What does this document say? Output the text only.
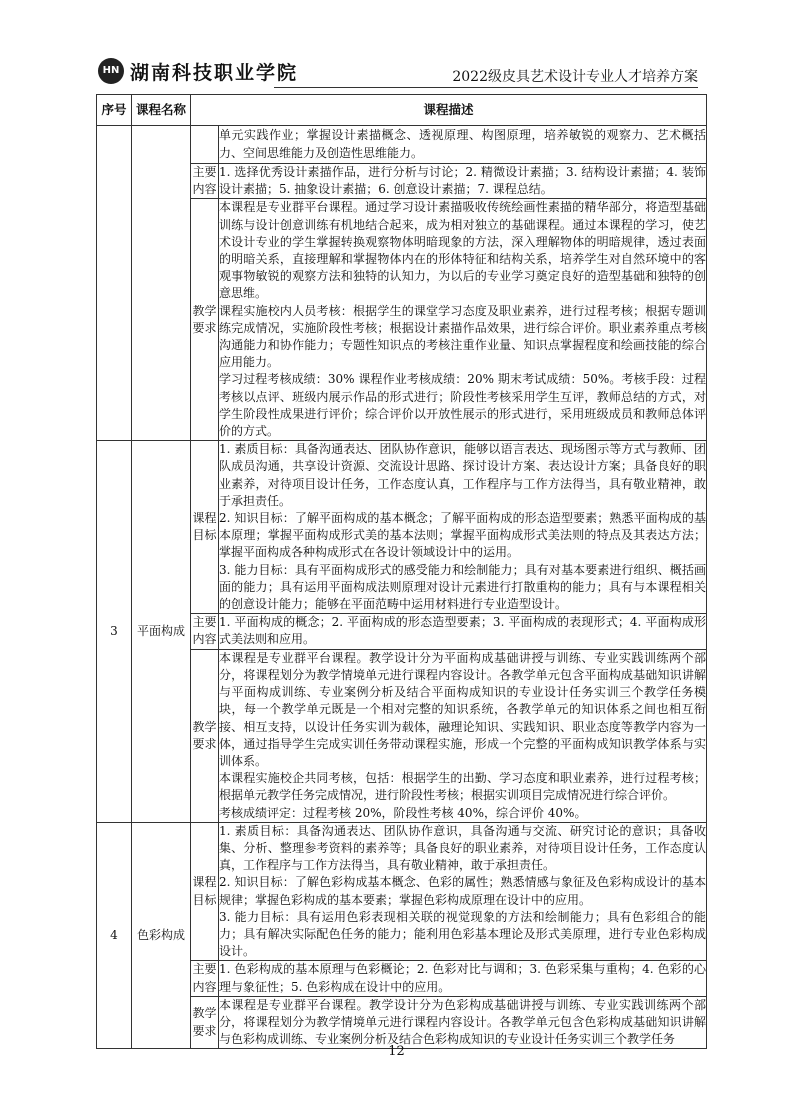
HN 湖南科技职业学院	2022级皮具艺术设计专业人才培养方案
序号	课程名称	课程描述	
			单元实践作业；掌握设计素描概念、透视原理、构图原理，培养敏锐的观察力、艺术概括力、空间思维能力及创造性思维能力。
		主要内容	1. 选择优秀设计素描作品，进行分析与讨论；2. 精微设计素描；3. 结构设计素描；4. 装饰设计素描；5. 抽象设计素描；6. 创意设计素描；7. 课程总结。
		教学要求	本课程是专业群平台课程。通过学习设计素描吸收传统绘画性素描的精华部分，将造型基础训练与设计创意训练有机地结合起来，成为相对独立的基础课程。通过本课程的学习，使艺术设计专业的学生掌握转换观察物体明暗现象的方法，深入理解物体的明暗规律，透过表面的明暗关系，直接理解和掌握物体内在的形体特征和结构关系，培养学生对自然环境中的客观事物敏锐的观察方法和独特的认知力，为以后的专业学习奠定良好的造型基础和独特的创意思维。

课程实施校内人员考核：根据学生的课堂学习态度及职业素养，进行过程考核；根据专题训练完成情况，实施阶段性考核；根据设计素描作品效果，进行综合评价。职业素养重点考核沟通能力和协作能力；专题性知识点的考核注重作业量、知识点掌握程度和绘画技能的综合应用能力。

学习过程考核成绩：30% 课程作业考核成绩：20% 期末考试成绩：50%。考核手段：过程考核以点评、班级内展示作品的形式进行；阶段性考核采用学生互评，教师总结的方式，对学生阶段性成果进行评价；综合评价以开放性展示的形式进行，采用班级成员和教师总体评价的方式。

3	平面构成	课程目标	1. 素质目标：具备沟通表达、团队协作意识，能够以语言表达、现场图示等方式与教师、团队成员沟通，共享设计资源、交流设计思路、探讨设计方案、表达设计方案；具备良好的职业素养，对待项目设计任务，工作态度认真，工作程序与工作方法得当，具有敬业精神，敢于承担责任。

2. 知识目标：了解平面构成的基本概念；了解平面构成的形态造型要素；熟悉平面构成的基本原理；掌握平面构成形式美的基本法则；掌握平面构成形式美法则的特点及其表达方法；掌握平面构成各种构成形式在各设计领域设计中的运用。

3. 能力目标：具有平面构成形式的感受能力和绘制能力；具有对基本要素进行组织、概括画面的能力；具有运用平面构成法则原理对设计元素进行打散重构的能力；具有与本课程相关的创意设计能力；能够在平面范畴中运用材料进行专业造型设计。

		主要内容	1. 平面构成的概念；2. 平面构成的形态造型要素；3. 平面构成的表现形式；4. 平面构成形式美法则和应用。
		教学要求	本课程是专业群平台课程。教学设计分为平面构成基础讲授与训练、专业实践训练两个部分，将课程划分为教学情境单元进行课程内容设计。各教学单元包含平面构成基础知识讲解与平面构成训练、专业案例分析及结合平面构成知识的专业设计任务实训三个教学任务模块，每一个教学单元既是一个相对完整的知识系统，各教学单元的知识体系之间也相互衔接、相互支持，以设计任务实训为载体，融理论知识、实践知识、职业态度等教学内容为一体，通过指导学生完成实训任务带动课程实施，形成一个完整的平面构成知识教学体系与实训体系。

本课程实施校企共同考核，包括：根据学生的出勤、学习态度和职业素养，进行过程考核；根据单元教学任务完成情况，进行阶段性考核；根据实训项目完成情况进行综合评价。

考核成绩评定：过程考核 20%，阶段性考核 40%，综合评价 40%。

4	色彩构成	课程目标	1. 素质目标：具备沟通表达、团队协作意识，具备沟通与交流、研究讨论的意识；具备收集、分析、整理参考资料的素养等；具备良好的职业素养，对待项目设计任务，工作态度认真，工作程序与工作方法得当，具有敬业精神，敢于承担责任。

2. 知识目标：了解色彩构成基本概念、色彩的属性；熟悉情感与象征及色彩构成设计的基本规律；掌握色彩构成的基本要素；掌握色彩构成原理在设计中的应用。

3. 能力目标：具有运用色彩表现相关联的视觉现象的方法和绘制能力；具有色彩组合的能力；具有解决实际配色任务的能力；能利用色彩基本理论及形式美原理，进行专业色彩构成设计。

		主要内容	1. 色彩构成的基本原理与色彩概论；2. 色彩对比与调和；3. 色彩采集与重构；4. 色彩的心理与象征性；5. 色彩构成在设计中的应用。
		教学要求	本课程是专业群平台课程。教学设计分为色彩构成基础讲授与训练、专业实践训练两个部分，将课程划分为教学情境单元进行课程内容设计。各教学单元包含色彩构成基础知识讲解与色彩构成训练、专业案例分析及结合色彩构成知识的专业设计任务实训三个教学任务

12
